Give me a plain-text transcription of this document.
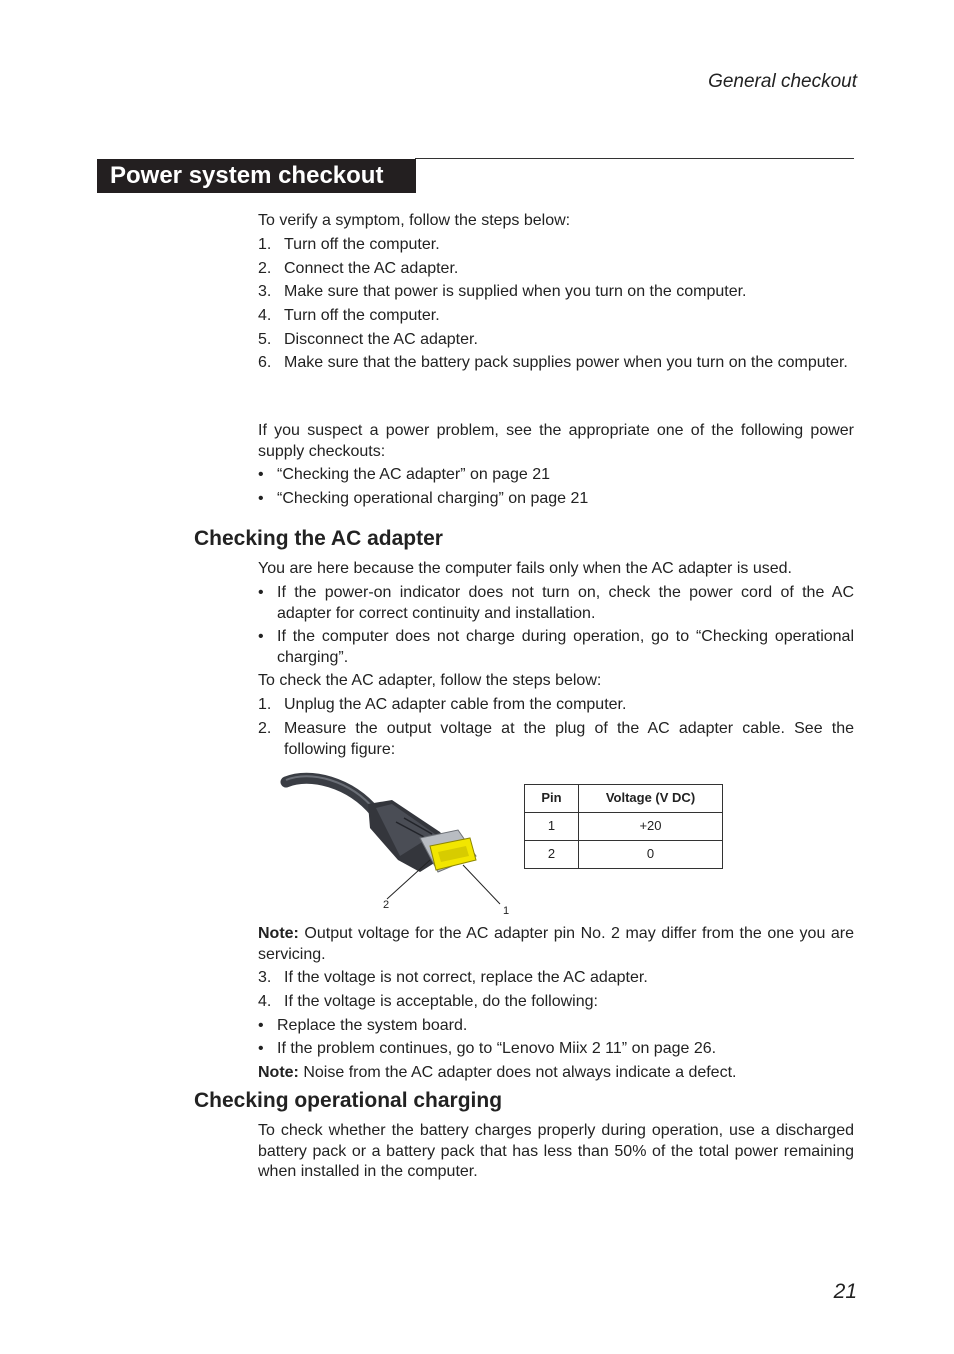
General checkout
Power system checkout
To verify a symptom, follow the steps below:
1. Turn off the computer.
2. Connect the AC adapter.
3. Make sure that power is supplied when you turn on the computer.
4. Turn off the computer.
5. Disconnect the AC adapter.
6. Make sure that the battery pack supplies power when you turn on the computer.
If you suspect a power problem, see the appropriate one of the following power supply checkouts:
• “Checking the AC adapter” on page 21
• “Checking operational charging” on page 21
Checking the AC adapter
You are here because the computer fails only when the AC adapter is used.
• If the power-on indicator does not turn on, check the power cord of the AC adapter for correct continuity and installation.
• If the computer does not charge during operation, go to “Checking operational charging”.
To check the AC adapter, follow the steps below:
1. Unplug the AC adapter cable from the computer.
2. Measure the output voltage at the plug of the AC adapter cable. See the following figure:
2	1
Pin	Voltage (V DC)
1	+20
2	0
Note: Output voltage for the AC adapter pin No. 2 may differ from the one you are servicing.
3. If the voltage is not correct, replace the AC adapter.
4. If the voltage is acceptable, do the following:
• Replace the system board.
• If the problem continues, go to “Lenovo Miix 2 11” on page 26.
Note: Noise from the AC adapter does not always indicate a defect.
Checking operational charging
To check whether the battery charges properly during operation, use a discharged battery pack or a battery pack that has less than 50% of the total power remaining when installed in the computer.
21
